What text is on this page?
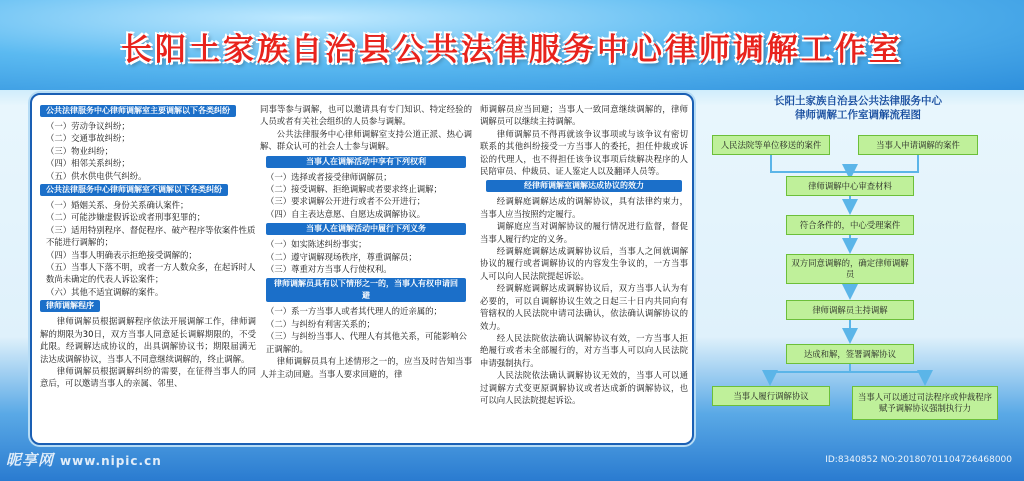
长阳土家族自治县公共法律服务中心律师调解工作室
公共法律服务中心律师调解室主要调解以下各类纠纷
（一）劳动争议纠纷；
（二）交通事故纠纷；
（三）物业纠纷；
（四）相邻关系纠纷；
（五）供水供电供气纠纷。
公共法律服务中心律师调解室不调解以下各类纠纷
（一）婚姻关系、身份关系确认案件；
（二）可能涉嫌虚假诉讼或者刑事犯罪的；
（三）适用特别程序、督促程序、破产程序等依案件性质不能进行调解的；
（四）当事人明确表示拒绝接受调解的；
（五）当事人下落不明，或者一方人数众多，在起诉时人数尚未确定的代表人诉讼案件；
（六）其他不适宜调解的案件。
律师调解程序
律师调解员根据调解程序依法开展调解工作，律师调解的期限为30日，双方当事人同意延长调解期限的，不受此限。经调解达成协议的，出具调解协议书；期限届满无法达成调解协议，当事人不同意继续调解的，终止调解。
律师调解员根据调解纠纷的需要，在征得当事人的同意后，可以邀请当事人的亲属、邻里、
同事等参与调解，也可以邀请具有专门知识、特定经验的人员或者有关社会组织的人员参与调解。
公共法律服务中心律师调解室支持公道正派、热心调解、群众认可的社会人士参与调解。
当事人在调解活动中享有下列权利
（一）选择或者接受律师调解员；
（二）接受调解、拒绝调解或者要求终止调解；
（三）要求调解公开进行或者不公开进行；
（四）自主表达意愿、自愿达成调解协议。
当事人在调解活动中履行下列义务
（一）如实陈述纠纷事实；
（二）遵守调解现场秩序，尊重调解员；
（三）尊重对方当事人行使权利。
律师调解员具有以下情形之一的，当事人有权申请回避
（一）系一方当事人或者其代理人的近亲属的；
（二）与纠纷有利害关系的；
（三）与纠纷当事人、代理人有其他关系，可能影响公正调解的。
律师调解员具有上述情形之一的，应当及时告知当事人并主动回避。当事人要求回避的，律
师调解员应当回避；当事人一致同意继续调解的，律师调解员可以继续主持调解。
律师调解员不得再就该争议事项或与该争议有密切联系的其他纠纷接受一方当事人的委托，担任仲裁或诉讼的代理人，也不得担任该争议事项后续解决程序的人民陪审员、仲裁员、证人鉴定人以及翻译人员等。
经律师调解室调解达成协议的效力
经调解庭调解达成的调解协议，具有法律约束力，当事人应当按照约定履行。
调解庭应当对调解协议的履行情况进行监督，督促当事人履行约定的义务。
经调解庭调解达成调解协议后，当事人之间就调解协议的履行或者调解协议的内容发生争议的，一方当事人可以向人民法院提起诉讼。
经调解庭调解达成调解协议后，双方当事人认为有必要的，可以自调解协议生效之日起三十日内共同向有管辖权的人民法院申请司法确认，依法确认调解协议的效力。
经人民法院依法确认调解协议有效，一方当事人拒绝履行或者未全部履行的，对方当事人可以向人民法院申请强制执行。
人民法院依法确认调解协议无效的，当事人可以通过调解方式变更原调解协议或者达成新的调解协议，也可以向人民法院提起诉讼。
长阳土家族自治县公共法律服务中心
律师调解工作室调解流程图
人民法院等单位移送的案件	当事人申请调解的案件
律师调解中心审查材料
符合条件的，中心受理案件
双方同意调解的，确定律师调解员
律师调解员主持调解
达成和解，签署调解协议
当事人履行调解协议	当事人可以通过司法程序或仲裁程序赋予调解协议强制执行力
昵享网 www.nipic.cn	ID:8340852 NO:20180701104726468000
